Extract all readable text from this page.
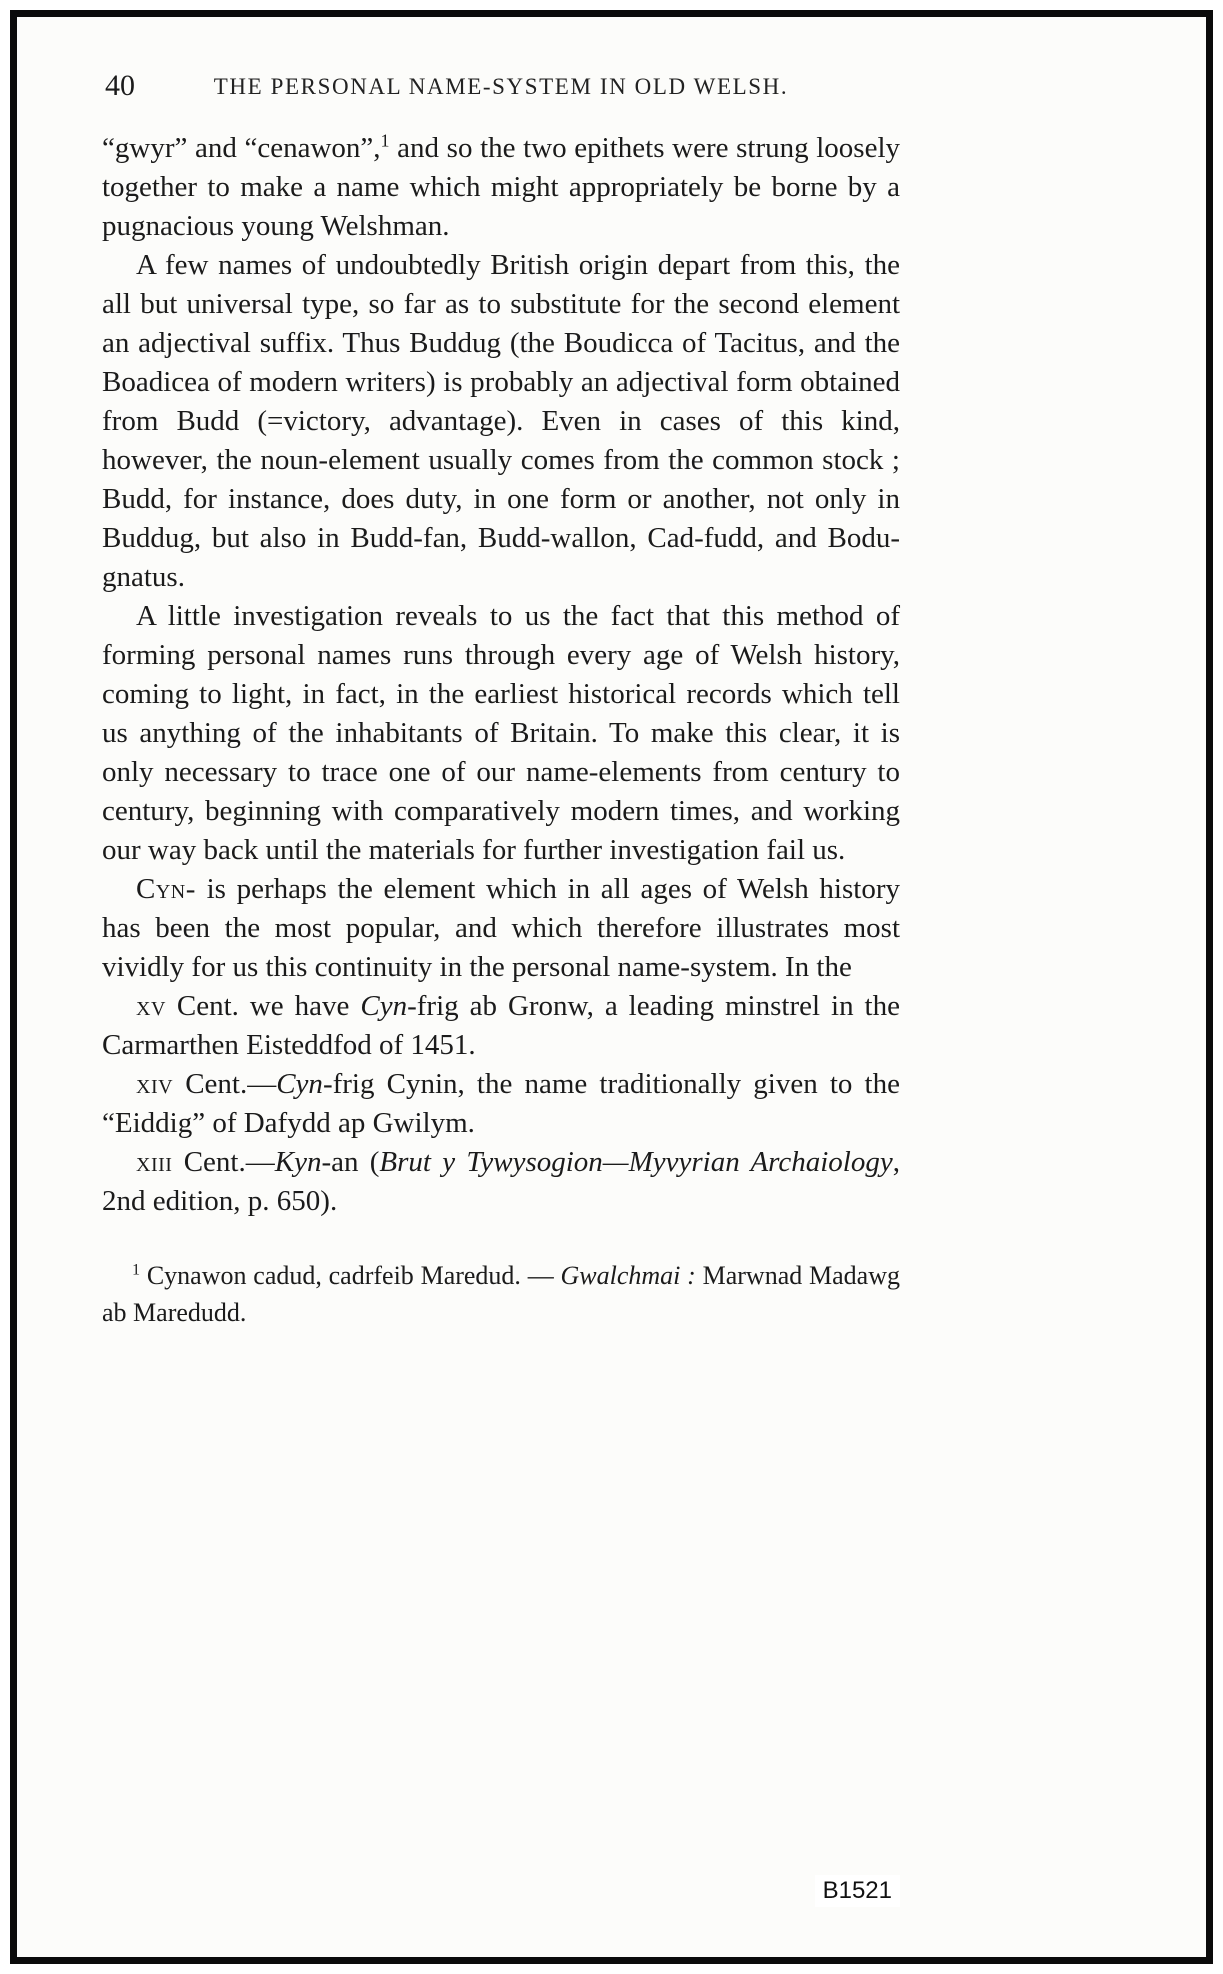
40	THE PERSONAL NAME-SYSTEM IN OLD WELSH.

“gwyr” and “cenawon”,$^1$ and so the two epithets were strung loosely together to make a name which might appropriately be borne by a pugnacious young Welshman.

A few names of undoubtedly British origin depart from this, the all but universal type, so far as to substitute for the second element an adjectival suffix. Thus Buddug (the Boudicca of Tacitus, and the Boadicea of modern writers) is probably an adjectival form obtained from Budd (=victory, advantage). Even in cases of this kind, however, the noun-element usually comes from the common stock ; Budd, for instance, does duty, in one form or another, not only in Buddug, but also in Budd-fan, Budd-wallon, Cad-fudd, and Bodu-gnatus.

A little investigation reveals to us the fact that this method of forming personal names runs through every age of Welsh history, coming to light, in fact, in the earliest historical records which tell us anything of the inhabitants of Britain. To make this clear, it is only necessary to trace one of our name-elements from century to century, beginning with comparatively modern times, and working our way back until the materials for further investigation fail us.

Cyn- is perhaps the element which in all ages of Welsh history has been the most popular, and which therefore illustrates most vividly for us this continuity in the personal name-system. In the

xv Cent. we have Cyn-frig ab Gronw, a leading minstrel in the Carmarthen Eisteddfod of 1451.

xiv Cent.—Cyn-frig Cynin, the name traditionally given to the “Eiddig” of Dafydd ap Gwilym.

xiii Cent.—Kyn-an (Brut y Tywysogion—Myvyrian Archaiology, 2nd edition, p. 650).

$^1$ Cynawon cadud, cadrfeib Maredud. — Gwalchmai : Marwnad Madawg ab Maredudd.
B1521
